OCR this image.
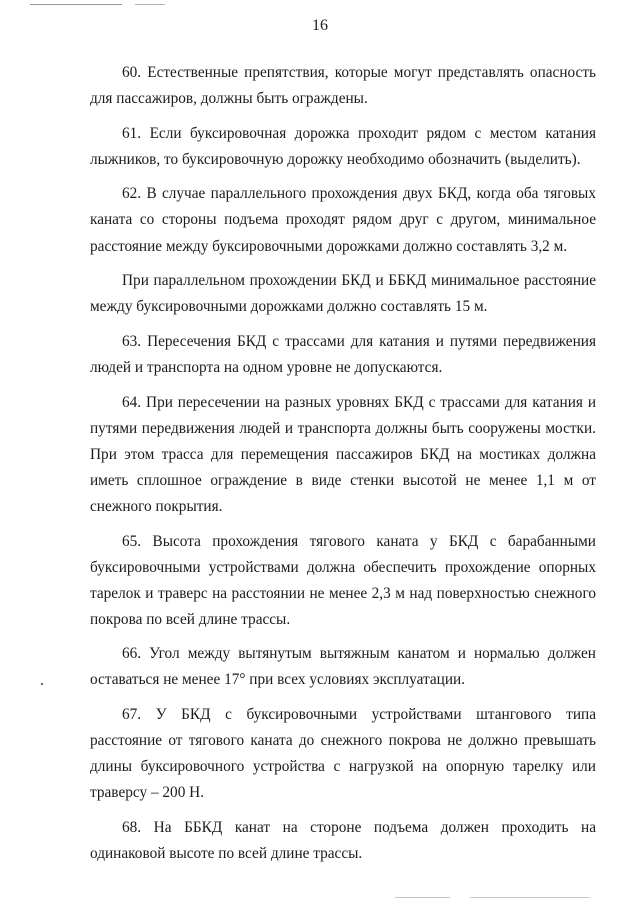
16

60. Естественные препятствия, которые могут представлять опасность для пассажиров, должны быть ограждены.

61. Если буксировочная дорожка проходит рядом с местом катания лыжников, то буксировочную дорожку необходимо обозначить (выделить).

62. В случае параллельного прохождения двух БКД, когда оба тяговых каната со стороны подъема проходят рядом друг с другом, минимальное расстояние между буксировочными дорожками должно составлять 3,2 м.

При параллельном прохождении БКД и ББКД минимальное расстояние между буксировочными дорожками должно составлять 15 м.

63. Пересечения БКД с трассами для катания и путями передвижения людей и транспорта на одном уровне не допускаются.

64. При пересечении на разных уровнях БКД с трассами для катания и путями передвижения людей и транспорта должны быть сооружены мостки. При этом трасса для перемещения пассажиров БКД на мостиках должна иметь сплошное ограждение в виде стенки высотой не менее 1,1 м от снежного покрытия.

65. Высота прохождения тягового каната у БКД с барабанными буксировочными устройствами должна обеспечить прохождение опорных тарелок и траверс на расстоянии не менее 2,3 м над поверхностью снежного покрова по всей длине трассы.

66. Угол между вытянутым вытяжным канатом и нормалью должен оставаться не менее 17° при всех условиях эксплуатации.

67. У БКД с буксировочными устройствами штангового типа расстояние от тягового каната до снежного покрова не должно превышать длины буксировочного устройства с нагрузкой на опорную тарелку или траверсу – 200 Н.

68. На ББКД канат на стороне подъема должен проходить на одинаковой высоте по всей длине трассы.
